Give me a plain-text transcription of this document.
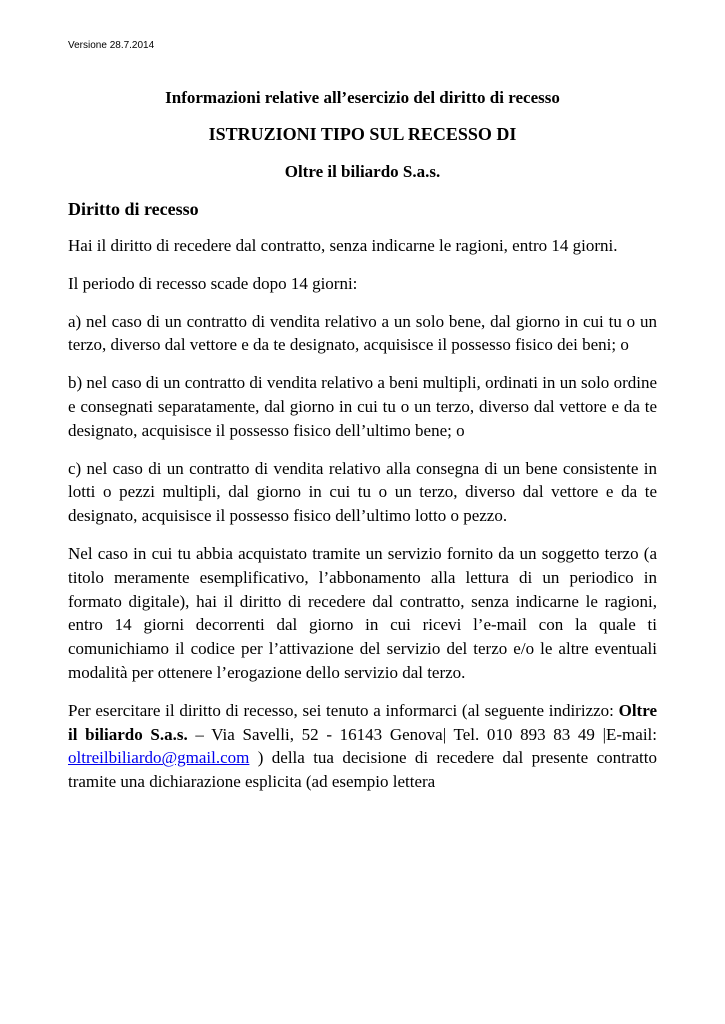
Versione 28.7.2014
Informazioni relative all’esercizio del diritto di recesso
ISTRUZIONI TIPO SUL RECESSO DI
Oltre il biliardo S.a.s.
Diritto di recesso

Hai il diritto di recedere dal contratto, senza indicarne le ragioni, entro 14 giorni.

Il periodo di recesso scade dopo 14 giorni:

a) nel caso di un contratto di vendita relativo a un solo bene, dal giorno in cui tu o un terzo, diverso dal vettore e da te designato, acquisisce il possesso fisico dei beni; o

b) nel caso di un contratto di vendita relativo a beni multipli, ordinati in un solo ordine e consegnati separatamente, dal giorno in cui tu o un terzo, diverso dal vettore e da te designato, acquisisce il possesso fisico dell’ultimo bene; o

c) nel caso di un contratto di vendita relativo alla consegna di un bene consistente in lotti o pezzi multipli, dal giorno in cui tu o un terzo, diverso dal vettore e da te designato, acquisisce il possesso fisico dell’ultimo lotto o pezzo.

Nel caso in cui tu abbia acquistato tramite un servizio fornito da un soggetto terzo (a titolo meramente esemplificativo, l’abbonamento alla lettura di un periodico in formato digitale), hai il diritto di recedere dal contratto, senza indicarne le ragioni, entro 14 giorni decorrenti dal giorno in cui ricevi l’e-mail con la quale ti comunichiamo il codice per l’attivazione del servizio del terzo e/o le altre eventuali modalità per ottenere l’erogazione dello servizio dal terzo.

Per esercitare il diritto di recesso, sei tenuto a informarci (al seguente indirizzo: Oltre il biliardo S.a.s. – Via Savelli, 52 - 16143 Genova| Tel. 010 893 83 49 |E-mail: oltreilbiliardo@gmail.com ) della tua decisione di recedere dal presente contratto tramite una dichiarazione esplicita (ad esempio lettera
